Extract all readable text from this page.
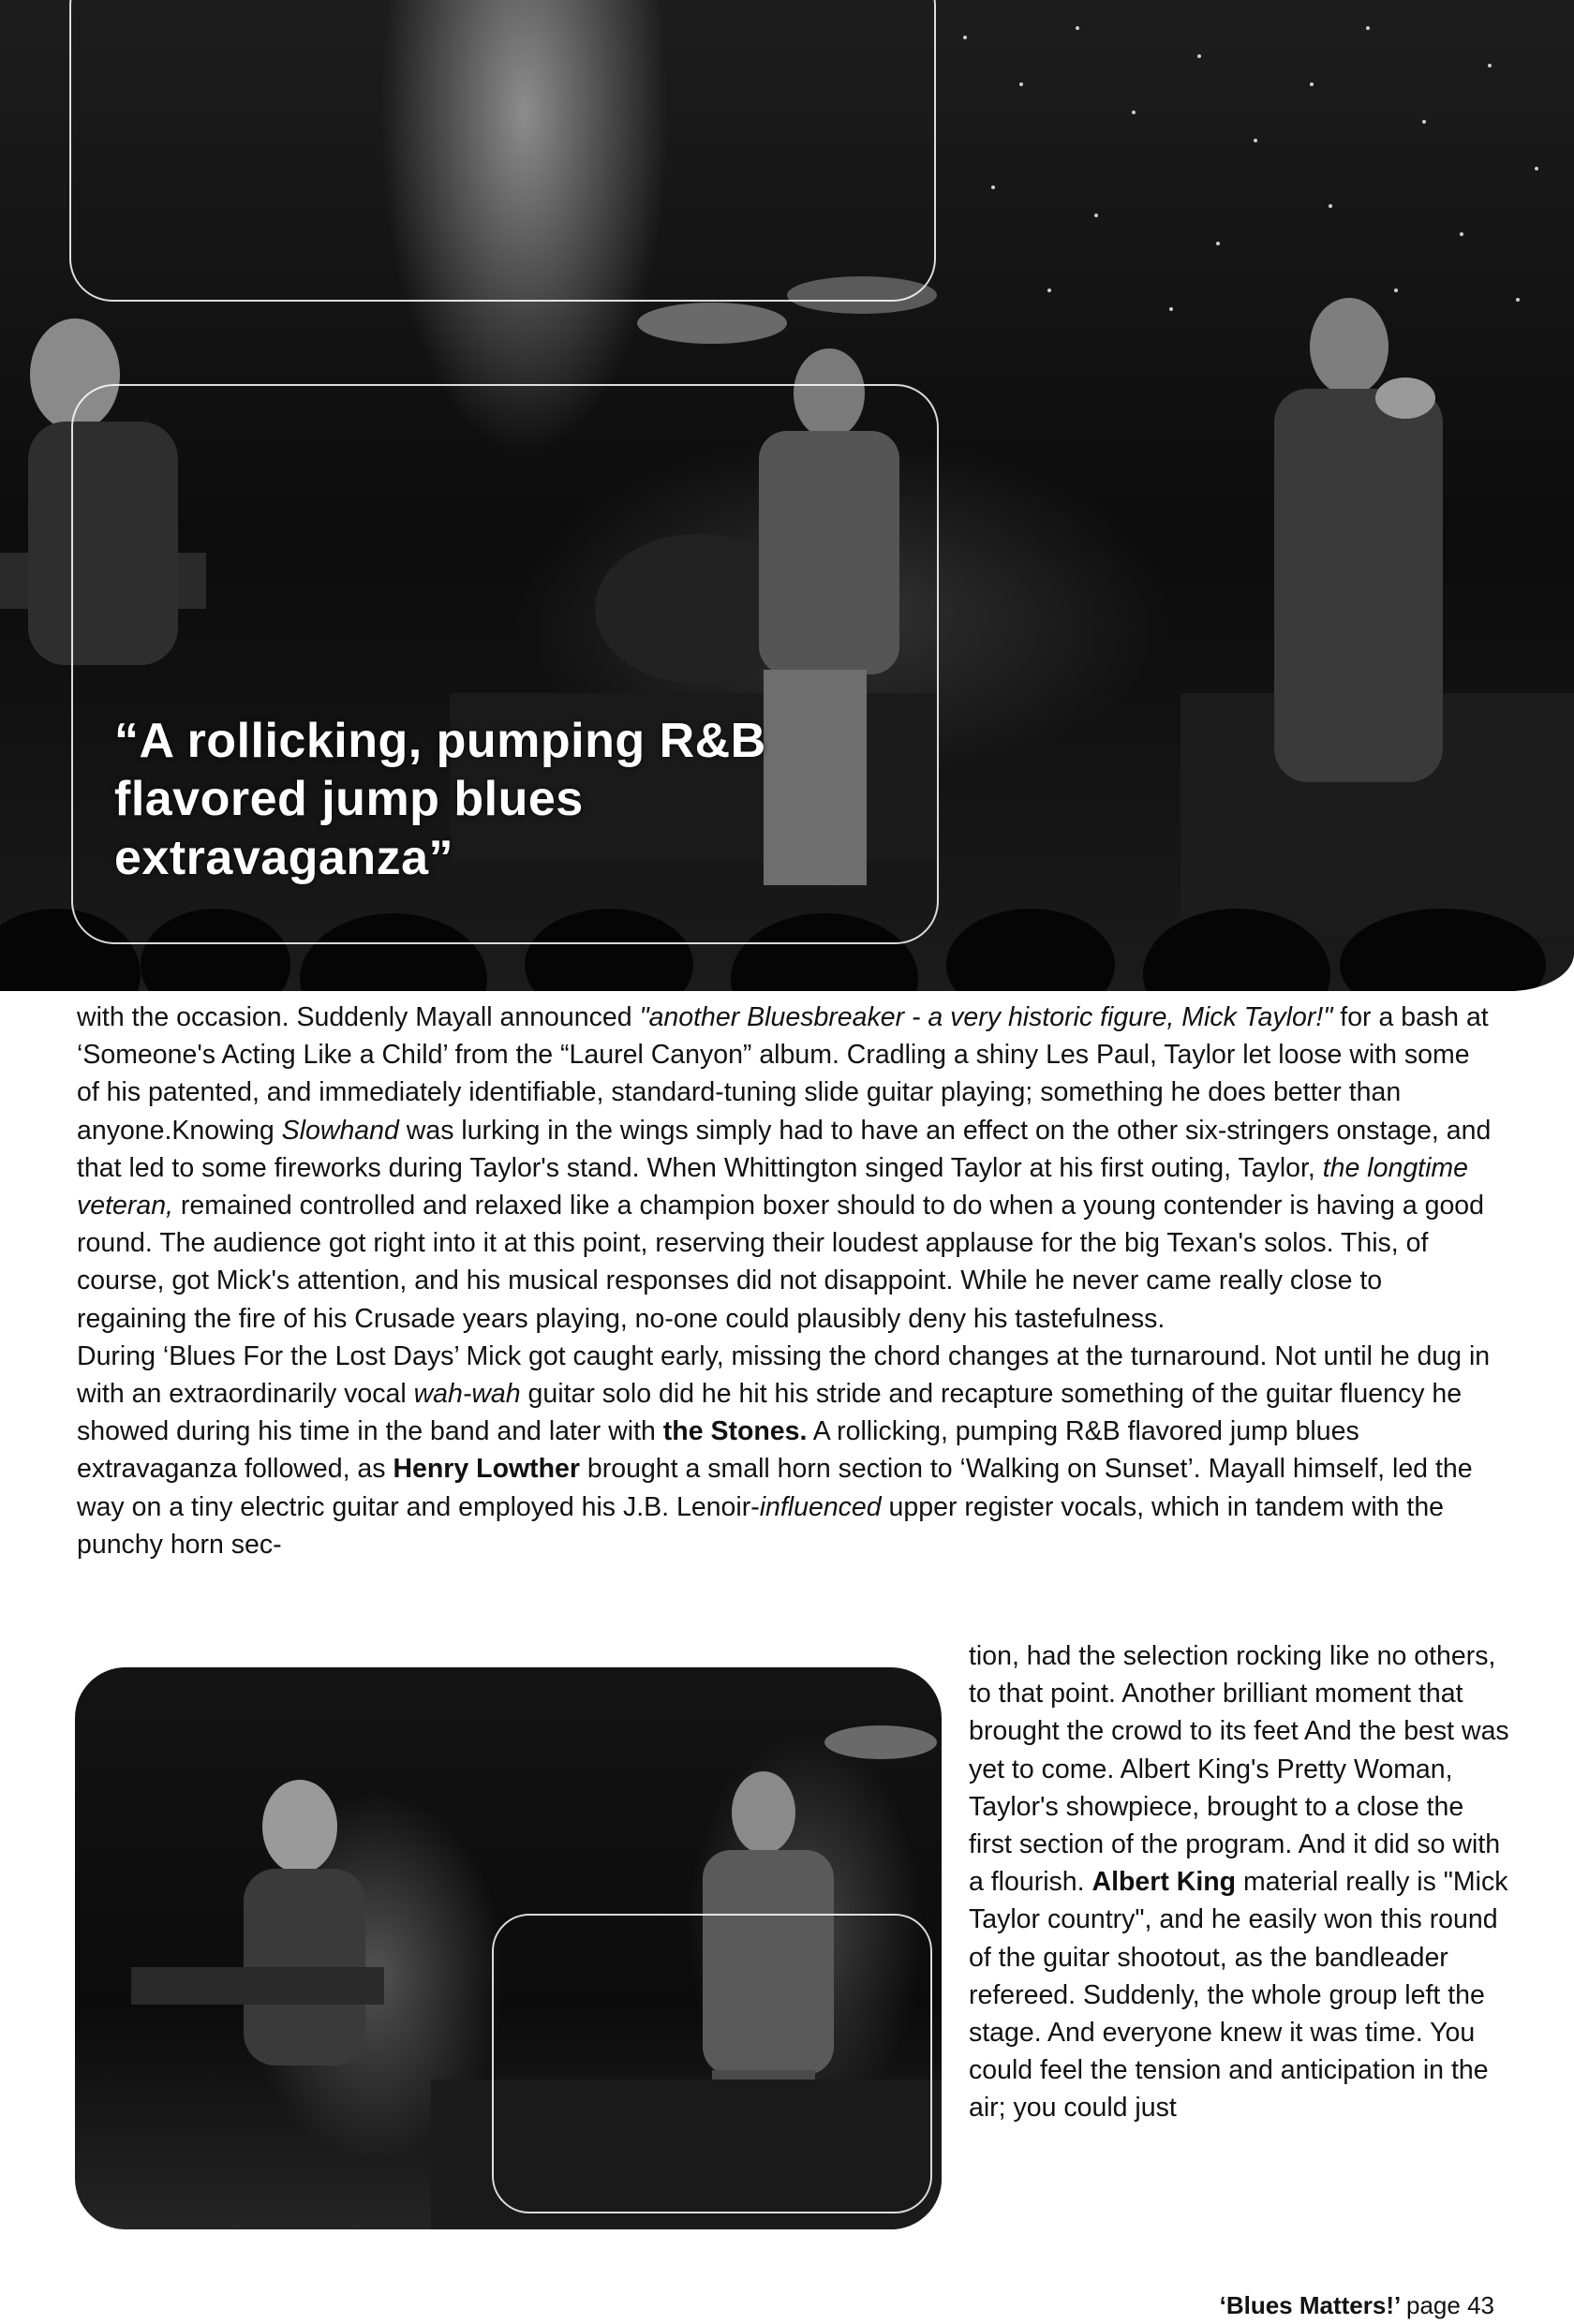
“A rollicking, pumping R&B flavored jump blues extravaganza”

with the occasion. Suddenly Mayall announced "another Bluesbreaker - a very historic figure, Mick Taylor!" for a bash at ‘Someone's Acting Like a Child’ from the “Laurel Canyon” album. Cradling a shiny Les Paul, Taylor let loose with some of his patented, and immediately identifiable, standard-tuning slide guitar playing; something he does better than anyone.Knowing Slowhand was lurking in the wings simply had to have an effect on the other six-stringers onstage, and that led to some fireworks during Taylor's stand. When Whittington singed Taylor at his first outing, Taylor, the longtime veteran, remained controlled and relaxed like a champion boxer should to do when a young contender is having a good round. The audience got right into it at this point, reserving their loudest applause for the big Texan's solos. This, of course, got Mick's attention, and his musical responses did not disappoint. While he never came really close to regaining the fire of his Crusade years playing, no-one could plausibly deny his tastefulness.

During ‘Blues For the Lost Days’ Mick got caught early, missing the chord changes at the turnaround. Not until he dug in with an extraordinarily vocal wah-wah guitar solo did he hit his stride and recapture something of the guitar fluency he showed during his time in the band and later with the Stones. A rollicking, pumping R&B flavored jump blues extravaganza followed, as Henry Lowther brought a small horn section to ‘Walking on Sunset’. Mayall himself, led the way on a tiny electric guitar and employed his J.B. Lenoir-influenced upper register vocals, which in tandem with the punchy horn sec-

tion, had the selection rocking like no others, to that point. Another brilliant moment that brought the crowd to its feet And the best was yet to come. Albert King's Pretty Woman, Taylor's showpiece, brought to a close the first section of the program. And it did so with a flourish. Albert King material really is "Mick Taylor country", and he easily won this round of the guitar shootout, as the bandleader refereed. Suddenly, the whole group left the stage. And everyone knew it was time. You could feel the tension and anticipation in the air; you could just

‘Blues Matters!’ page 43
